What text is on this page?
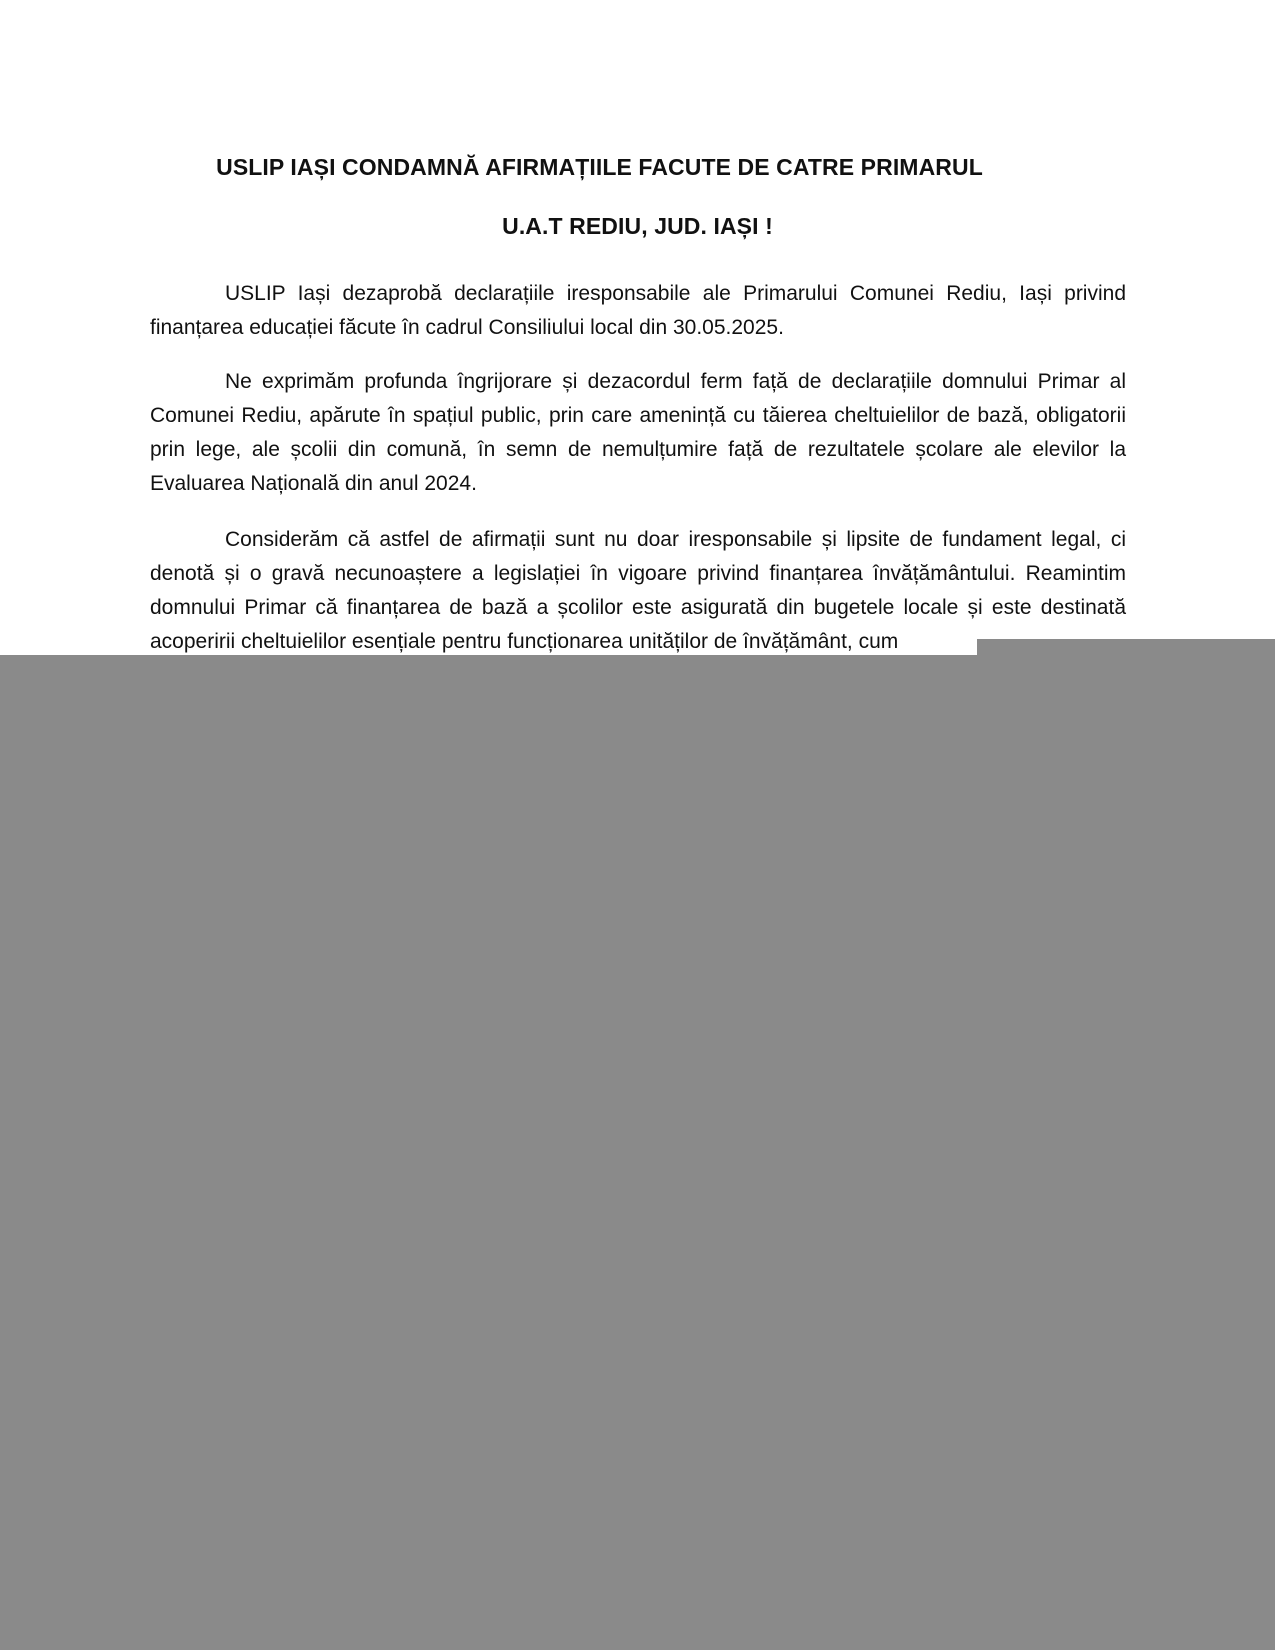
USLIP IAȘI CONDAMNĂ AFIRMAȚIILE FACUTE DE CATRE PRIMARUL
U.A.T REDIU, JUD. IAȘI !

USLIP Iași dezaprobă declarațiile iresponsabile ale Primarului Comunei Rediu, Iași privind finanțarea educației făcute în cadrul Consiliului local din 30.05.2025.

Ne exprimăm profunda îngrijorare și dezacordul ferm față de declarațiile domnului Primar al Comunei Rediu, apărute în spațiul public, prin care amenință cu tăierea cheltuielilor de bază, obligatorii prin lege, ale școlii din comună, în semn de nemulțumire față de rezultatele școlare ale elevilor la Evaluarea Națională din anul 2024.

Considerăm că astfel de afirmații sunt nu doar iresponsabile și lipsite de fundament legal, ci denotă și o gravă necunoaștere a legislației în vigoare privind finanțarea învățământului. Reamintim domnului Primar că finanțarea de bază a școlilor este asigurată din bugetele locale și este destinată acoperirii cheltuielilor esențiale pentru funcționarea unităților de învățământ, cum
